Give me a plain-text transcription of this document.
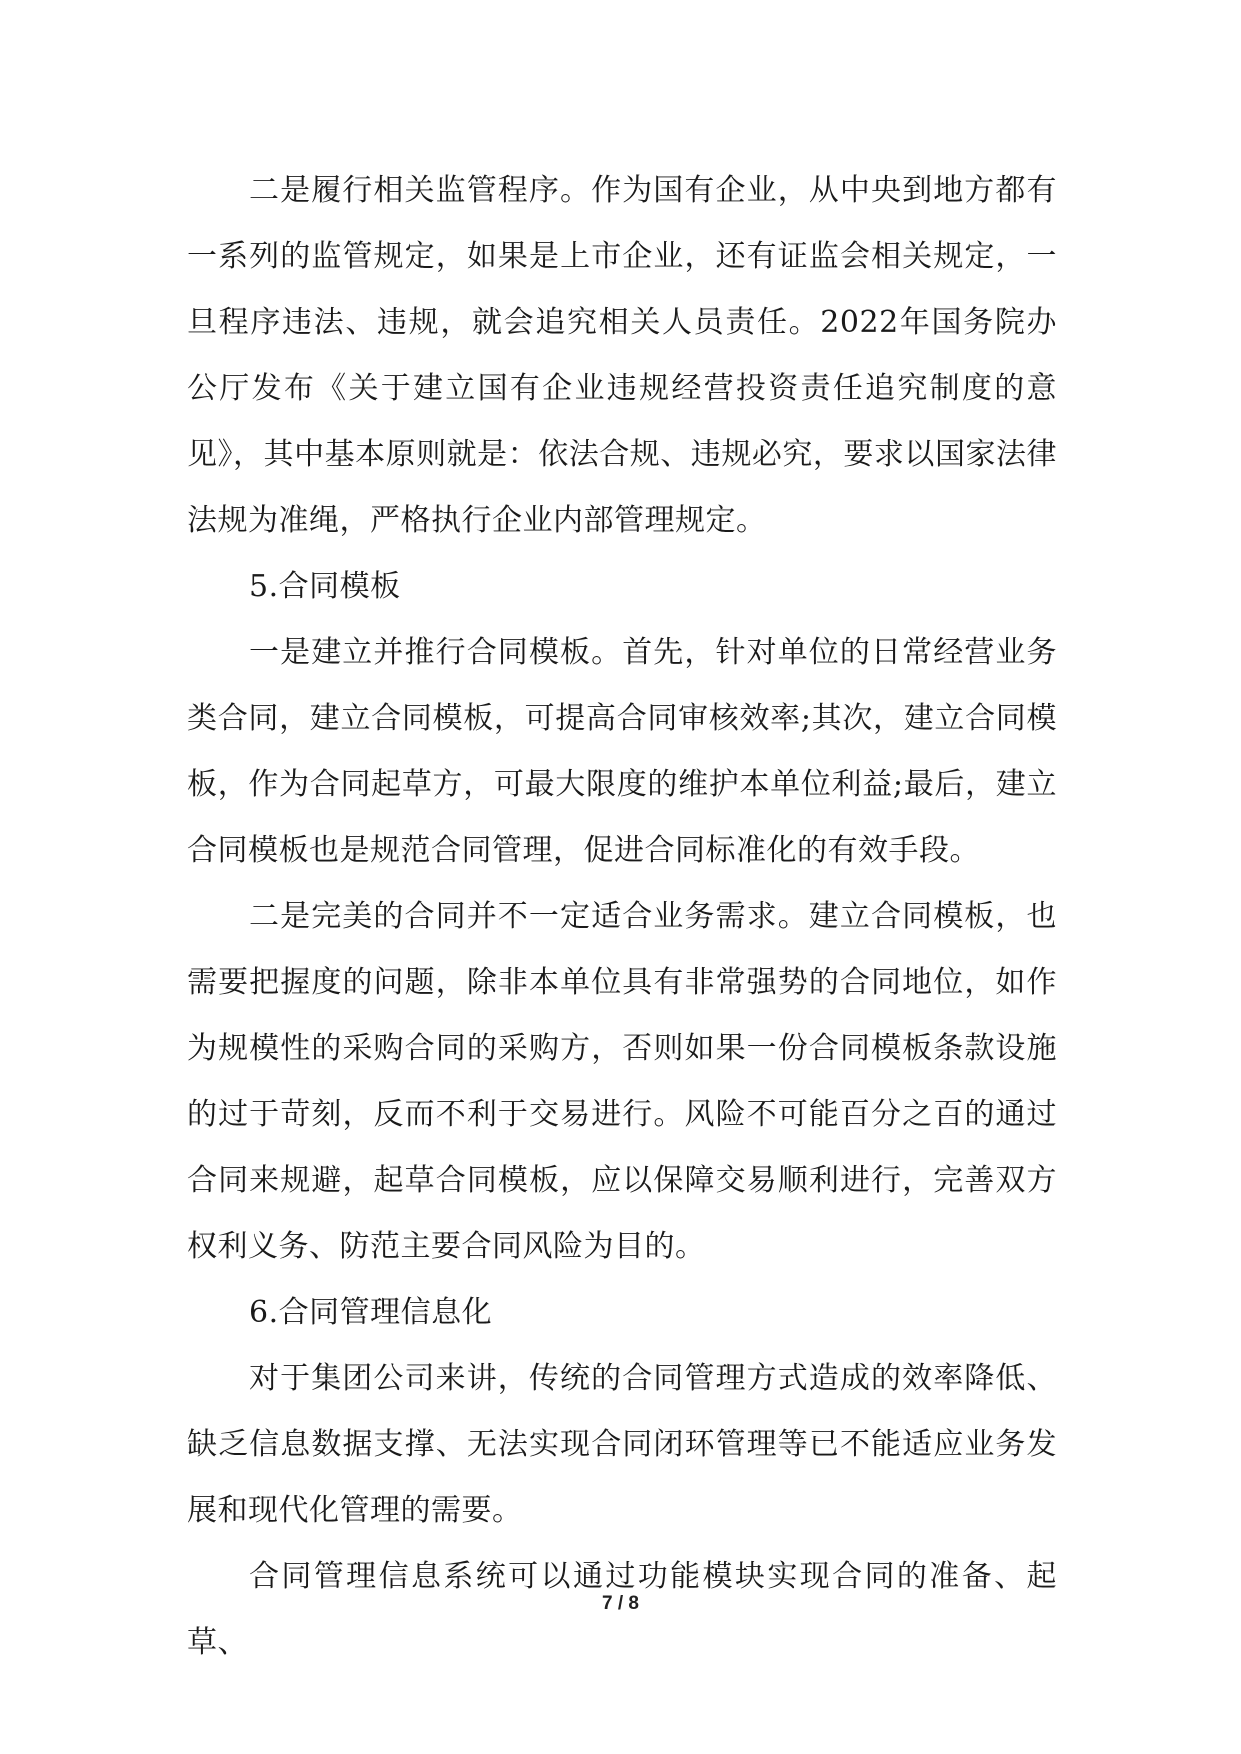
二是履行相关监管程序。作为国有企业，从中央到地方都有一系列的监管规定，如果是上市企业，还有证监会相关规定，一旦程序违法、违规，就会追究相关人员责任。2022年国务院办公厅发布《关于建立国有企业违规经营投资责任追究制度的意见》，其中基本原则就是：依法合规、违规必究，要求以国家法律法规为准绳，严格执行企业内部管理规定。

5.合同模板

一是建立并推行合同模板。首先，针对单位的日常经营业务类合同，建立合同模板，可提高合同审核效率;其次，建立合同模板，作为合同起草方，可最大限度的维护本单位利益;最后，建立合同模板也是规范合同管理，促进合同标准化的有效手段。

二是完美的合同并不一定适合业务需求。建立合同模板，也需要把握度的问题，除非本单位具有非常强势的合同地位，如作为规模性的采购合同的采购方，否则如果一份合同模板条款设施的过于苛刻，反而不利于交易进行。风险不可能百分之百的通过合同来规避，起草合同模板，应以保障交易顺利进行，完善双方权利义务、防范主要合同风险为目的。

6.合同管理信息化

对于集团公司来讲，传统的合同管理方式造成的效率降低、缺乏信息数据支撑、无法实现合同闭环管理等已不能适应业务发展和现代化管理的需要。

合同管理信息系统可以通过功能模块实现合同的准备、起草、

7 / 8
